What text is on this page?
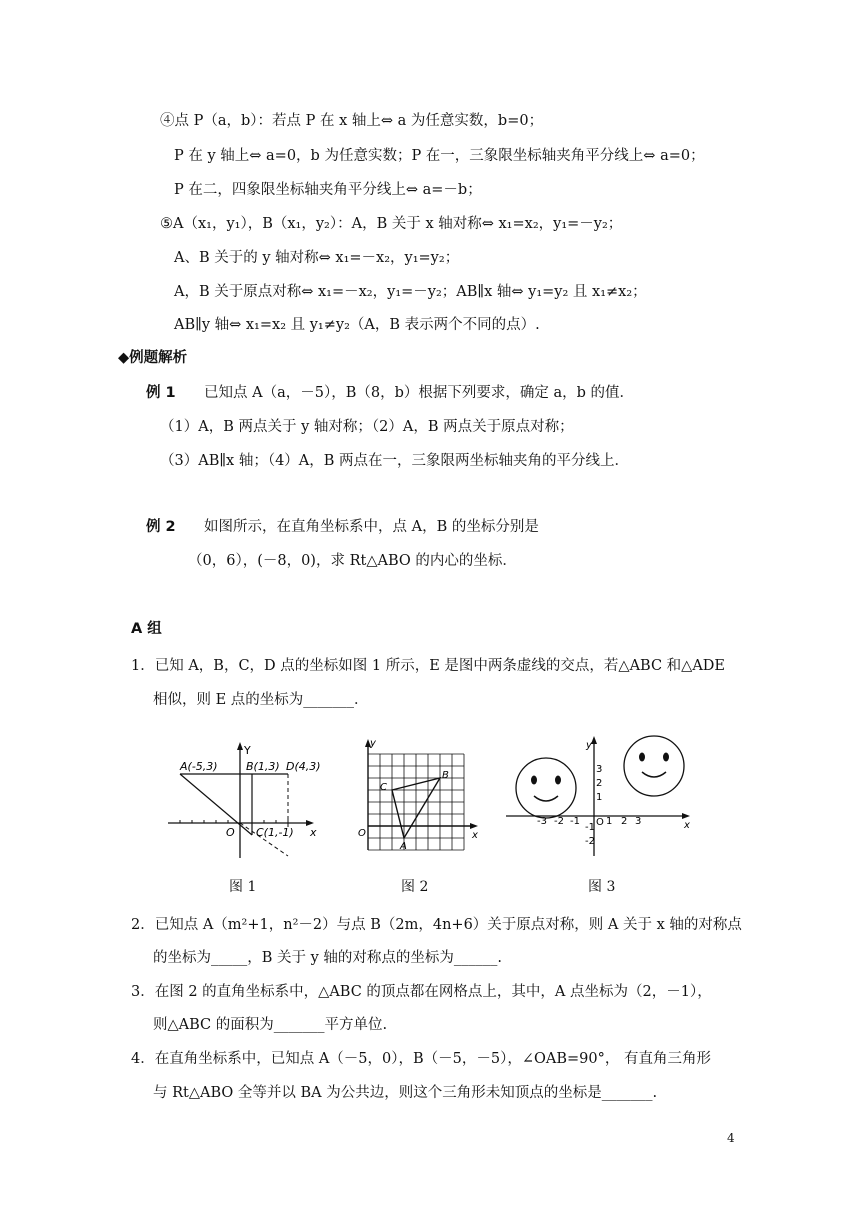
④点 P（a，b）：若点 P 在 x 轴上⇔ a 为任意实数，b=0；
P 在 y 轴上⇔ a=0，b 为任意实数；P 在一，三象限坐标轴夹角平分线上⇔ a=0；
P 在二，四象限坐标轴夹角平分线上⇔ a=－b；
⑤A（x₁，y₁），B（x₁，y₂）：A，B 关于 x 轴对称⇔ x₁=x₂，y₁=－y₂；
A、B 关于的 y 轴对称⇔ x₁=－x₂，y₁=y₂；
A，B 关于原点对称⇔ x₁=－x₂，y₁=－y₂；AB∥x 轴⇔ y₁=y₂ 且 x₁≠x₂；
AB∥y 轴⇔ x₁=x₂ 且 y₁≠y₂（A，B 表示两个不同的点）.
◆例题解析
例 1 已知点 A（a，－5），B（8，b）根据下列要求，确定 a，b 的值．
（1）A，B 两点关于 y 轴对称；（2）A，B 两点关于原点对称；
（3）AB∥x 轴；（4）A，B 两点在一，三象限两坐标轴夹角的平分线上．
例 2 如图所示，在直角坐标系中，点 A，B 的坐标分别是
（0，6），(－8，0)，求 Rt△ABO 的内心的坐标．
A 组
1．已知 A，B，C，D 点的坐标如图 1 所示，E 是图中两条虚线的交点，若△ABC 和△ADE
相似，则 E 点的坐标为_______．
Y
x
O
A(-5,3)	B(1,3) D(4,3)
C(1,-1)
图 1
y
x
O
A
B
C
图 2
3
2
1
-1
-2
-3 -2 -1	1 2 3
O
y
x
图 3
2．已知点 A（m²+1，n²－2）与点 B（2m，4n+6）关于原点对称，则 A 关于 x 轴的对称点
的坐标为_____，B 关于 y 轴的对称点的坐标为______.
3．在图 2 的直角坐标系中，△ABC 的顶点都在网格点上，其中，A 点坐标为（2，－1），
则△ABC 的面积为_______平方单位.
4．在直角坐标系中，已知点 A（－5，0），B（－5，－5），∠OAB=90°， 有直角三角形
与 Rt△ABO 全等并以 BA 为公共边，则这个三角形未知顶点的坐标是_______.
4
